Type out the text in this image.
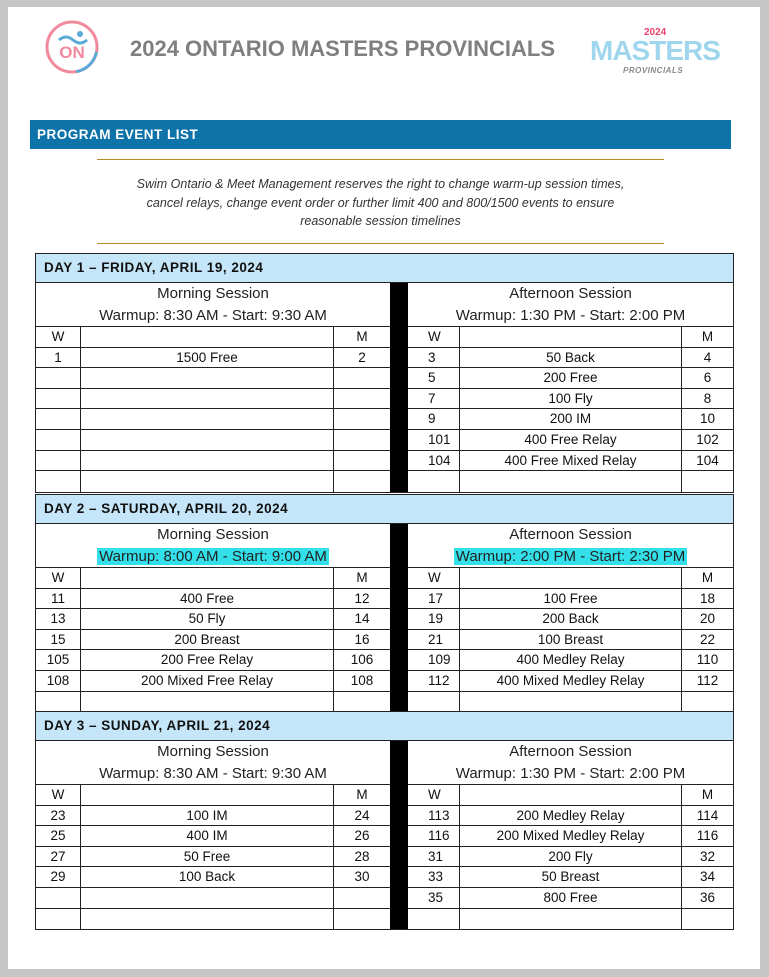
ON 2024 ONTARIO MASTERS PROVINCIALS
2024
MASTERS
PROVINCIALS
PROGRAM EVENT LIST
Swim Ontario & Meet Management reserves the right to change warm-up session times,
cancel relays, change event order or further limit 400 and 800/1500 events to ensure
reasonable session timelines
DAY 1 – FRIDAY, APRIL 19, 2024
Morning Session
Warmup: 8:30 AM - Start: 9:30 AM
W	M
1	1500 Free	2
Afternoon Session
Warmup: 1:30 PM - Start: 2:00 PM
W	M
3	50 Back	4
5	200 Free	6
7	100 Fly	8
9	200 IM	10
101	400 Free Relay	102
104	400 Free Mixed Relay	104
DAY 2 – SATURDAY, APRIL 20, 2024
Morning Session
Warmup: 8:00 AM - Start: 9:00 AM
W	M
11	400 Free	12
13	50 Fly	14
15	200 Breast	16
105	200 Free Relay	106
108	200 Mixed Free Relay	108
Afternoon Session
Warmup: 2:00 PM - Start: 2:30 PM
W	M
17	100 Free	18
19	200 Back	20
21	100 Breast	22
109	400 Medley Relay	110
112	400 Mixed Medley Relay	112
DAY 3 – SUNDAY, APRIL 21, 2024
Morning Session
Warmup: 8:30 AM - Start: 9:30 AM
W	M
23	100 IM	24
25	400 IM	26
27	50 Free	28
29	100 Back	30
Afternoon Session
Warmup: 1:30 PM - Start: 2:00 PM
W	M
113	200 Medley Relay	114
116	200 Mixed Medley Relay	116
31	200 Fly	32
33	50 Breast	34
35	800 Free	36
